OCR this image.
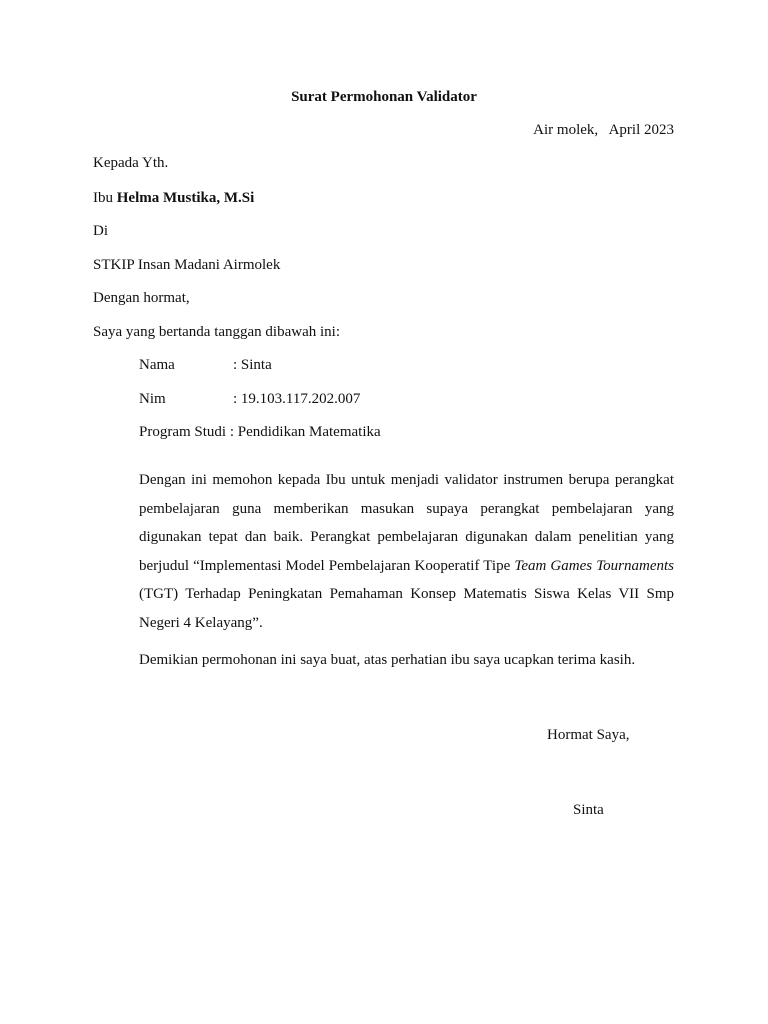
Surat Permohonan Validator
Air molek,   April 2023
Kepada Yth.
Ibu Helma Mustika, M.Si
Di
STKIP Insan Madani Airmolek
Dengan hormat,
Saya yang bertanda tanggan dibawah ini:
Nama	: Sinta
Nim	: 19.103.117.202.007
Program Studi : Pendidikan Matematika
Dengan ini memohon kepada Ibu untuk menjadi validator instrumen berupa perangkat pembelajaran guna memberikan masukan supaya perangkat pembelajaran yang digunakan tepat dan baik. Perangkat pembelajaran digunakan dalam penelitian yang berjudul “Implementasi Model Pembelajaran Kooperatif Tipe Team Games Tournaments (TGT) Terhadap Peningkatan Pemahaman Konsep Matematis Siswa Kelas VII Smp Negeri 4 Kelayang”.
Demikian permohonan ini saya buat, atas perhatian ibu saya ucapkan terima kasih.
Hormat Saya,
Sinta
